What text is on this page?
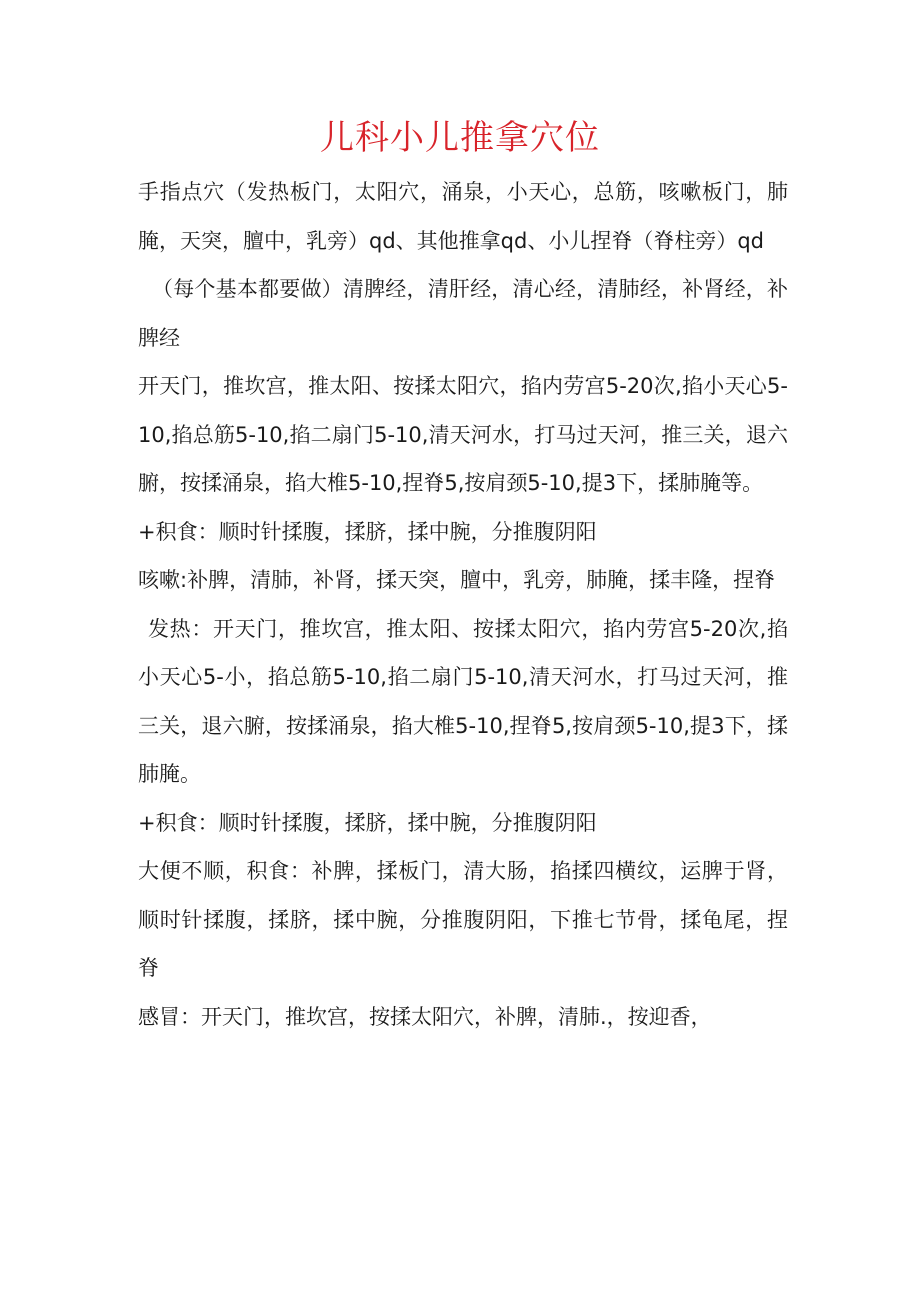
儿科小儿推拿穴位

手指点穴（发热板门，太阳穴，涌泉，小天心，总筋，咳嗽板门，肺腌，天突，膻中，乳旁）qd、其他推拿qd、小儿捏脊（脊柱旁）qd

（每个基本都要做）清脾经，清肝经，清心经，清肺经，补肾经，补脾经

开天门，推坎宫，推太阳、按揉太阳穴，掐内劳宫5-20次,掐小天心5-10,掐总筋5-10,掐二扇门5-10,清天河水，打马过天河，推三关，退六腑，按揉涌泉，掐大椎5-10,捏脊5,按肩颈5-10,提3下，揉肺腌等。

+积食：顺时针揉腹，揉脐，揉中腕，分推腹阴阳

咳嗽:补脾，清肺，补肾，揉天突，膻中，乳旁，肺腌，揉丰隆，捏脊

发热：开天门，推坎宫，推太阳、按揉太阳穴，掐内劳宫5-20次,掐小天心5-小，掐总筋5-10,掐二扇门5-10,清天河水，打马过天河，推三关，退六腑，按揉涌泉，掐大椎5-10,捏脊5,按肩颈5-10,提3下，揉肺腌。

+积食：顺时针揉腹，揉脐，揉中腕，分推腹阴阳

大便不顺，积食：补脾，揉板门，清大肠，掐揉四横纹，运脾于肾，顺时针揉腹，揉脐，揉中腕，分推腹阴阳，下推七节骨，揉龟尾，捏脊

感冒：开天门，推坎宫，按揉太阳穴，补脾，清肺.，按迎香，
